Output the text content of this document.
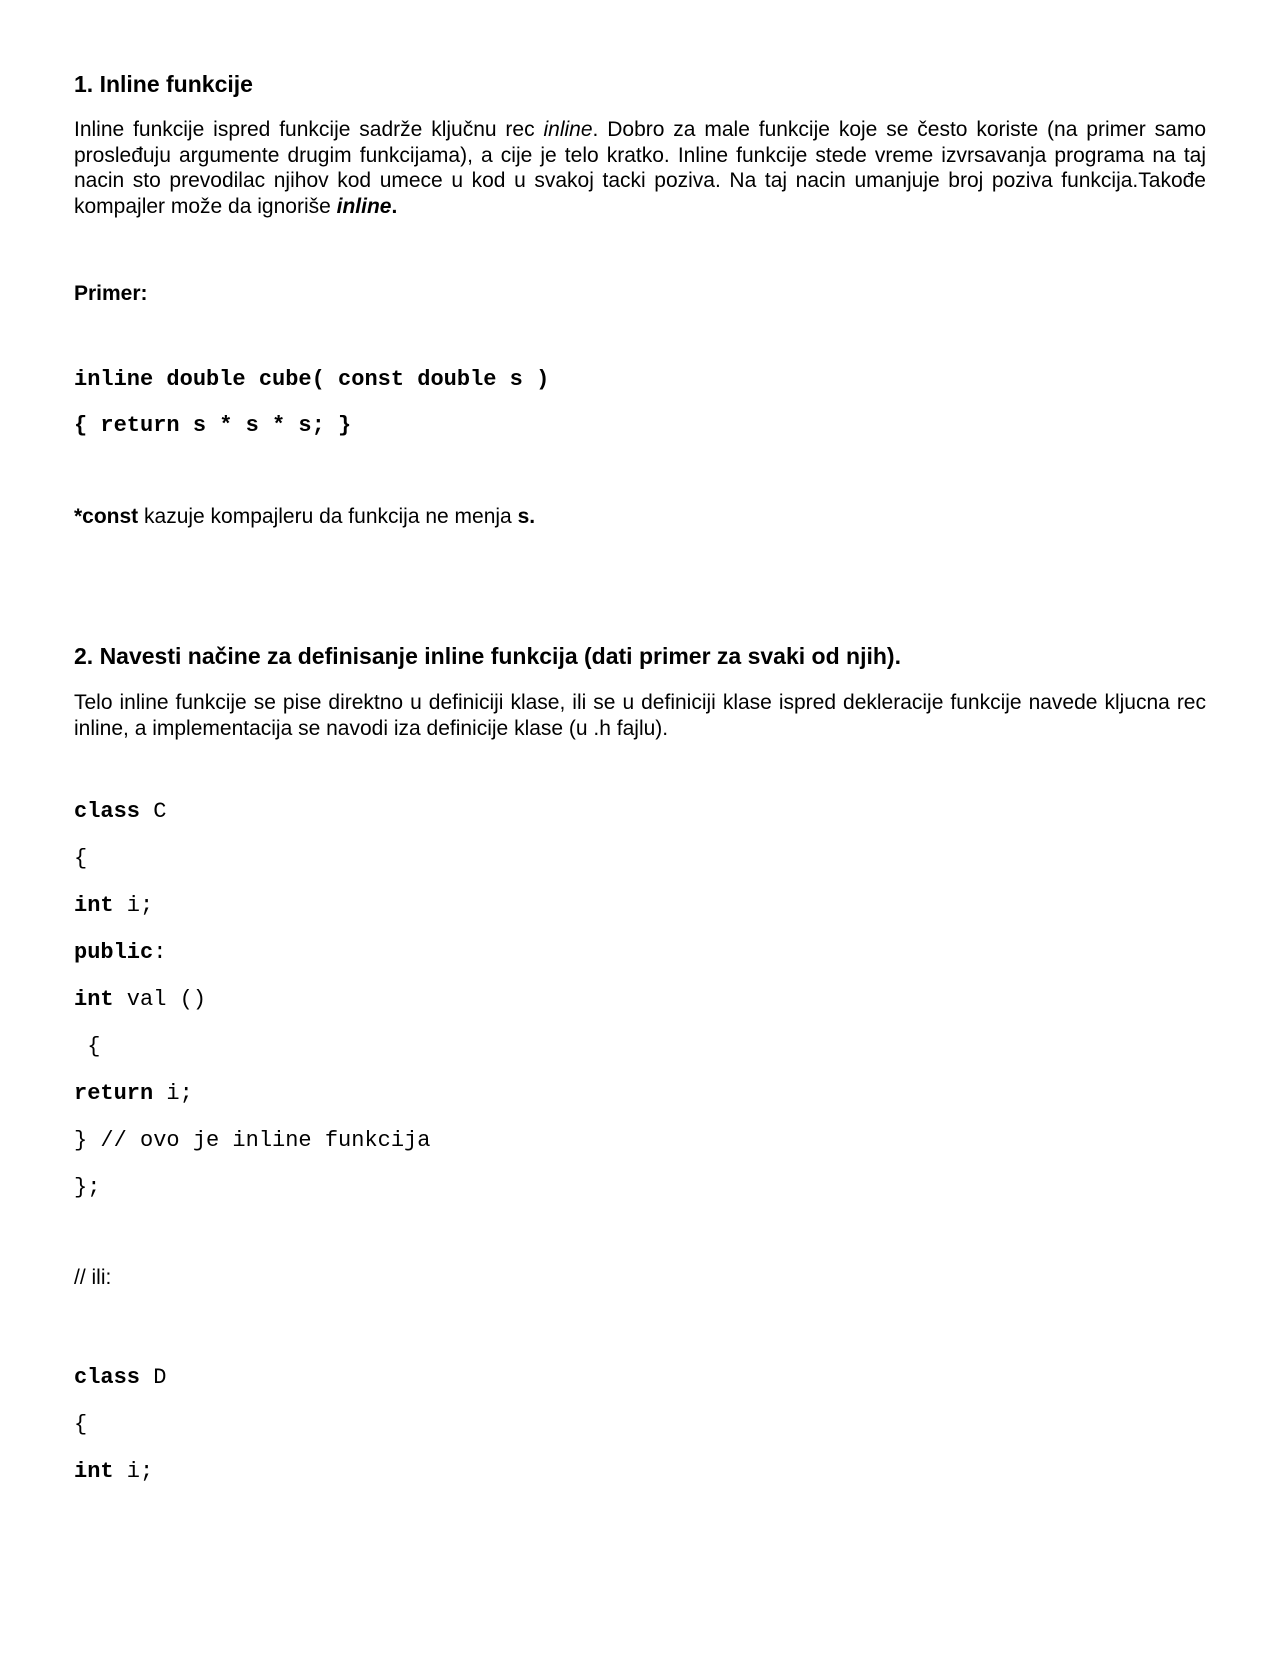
1. Inline funkcije

Inline funkcije ispred funkcije sadrže ključnu rec inline. Dobro za male funkcije koje se često koriste (na primer samo prosleđuju argumente drugim funkcijama), a cije je telo kratko. Inline funkcije stede vreme izvrsavanja programa na taj nacin sto prevodilac njihov kod umece u kod u svakoj tacki poziva. Na taj nacin umanjuje broj poziva funkcija.Takođe kompajler može da ignoriše inline.

Primer:
inline double cube( const double s )
{ return s * s * s; }
*const kazuje kompajleru da funkcija ne menja s.
2. Navesti načine za definisanje inline funkcija (dati primer za svaki od njih).

Telo inline funkcije se pise direktno u definiciji klase, ili se u definiciji klase ispred dekleracije funkcije navede kljucna rec inline, a implementacija se navodi iza definicije klase (u .h fajlu).

class C
{
int i;
public:
int val ()
{
return i;
} // ovo je inline funkcija
};
// ili:
class D
{
int i;
